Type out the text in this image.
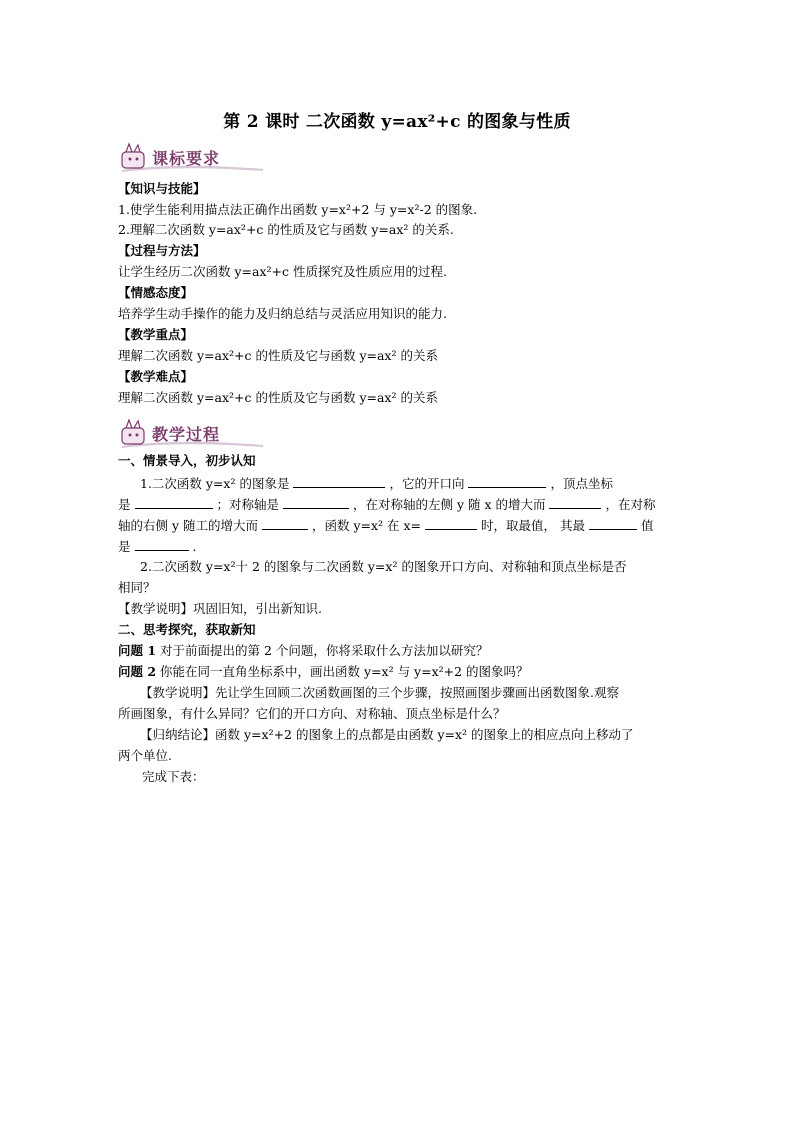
第 2 课时 二次函数 y=ax²+c 的图象与性质
课标要求
【知识与技能】
1.使学生能利用描点法正确作出函数 y=x²+2 与 y=x²-2 的图象.
2.理解二次函数 y=ax²+c 的性质及它与函数 y=ax² 的关系.
【过程与方法】
让学生经历二次函数 y=ax²+c 性质探究及性质应用的过程.
【情感态度】
培养学生动手操作的能力及归纳总结与灵活应用知识的能力.
【教学重点】
理解二次函数 y=ax²+c 的性质及它与函数 y=ax² 的关系
【教学难点】
理解二次函数 y=ax²+c 的性质及它与函数 y=ax² 的关系
教学过程
一、情景导入，初步认知
1.二次函数 y=x² 的图象是	，它的开口向	，顶点坐标
是	；对称轴是	，在对称轴的左侧 y 随 x 的增大而	，在对称
轴的右侧 y 随工的增大而	，函数 y=x² 在 x=	时，取最值， 其最	值
是	.
2.二次函数 y=x²十 2 的图象与二次函数 y=x² 的图象开口方向、对称轴和顶点坐标是否
相同？
【教学说明】巩固旧知，引出新知识.
二、思考探究，获取新知
问题 1 对于前面提出的第 2 个问题，你将采取什么方法加以研究？
问题 2 你能在同一直角坐标系中，画出函数 y=x² 与 y=x²+2 的图象吗？
【教学说明】先让学生回顾二次函数画图的三个步骤，按照画图步骤画出函数图象.观察
所画图象，有什么异同？它们的开口方向、对称轴、顶点坐标是什么？
【归纳结论】函数 y=x²+2 的图象上的点都是由函数 y=x² 的图象上的相应点向上移动了
两个单位.
完成下表：
